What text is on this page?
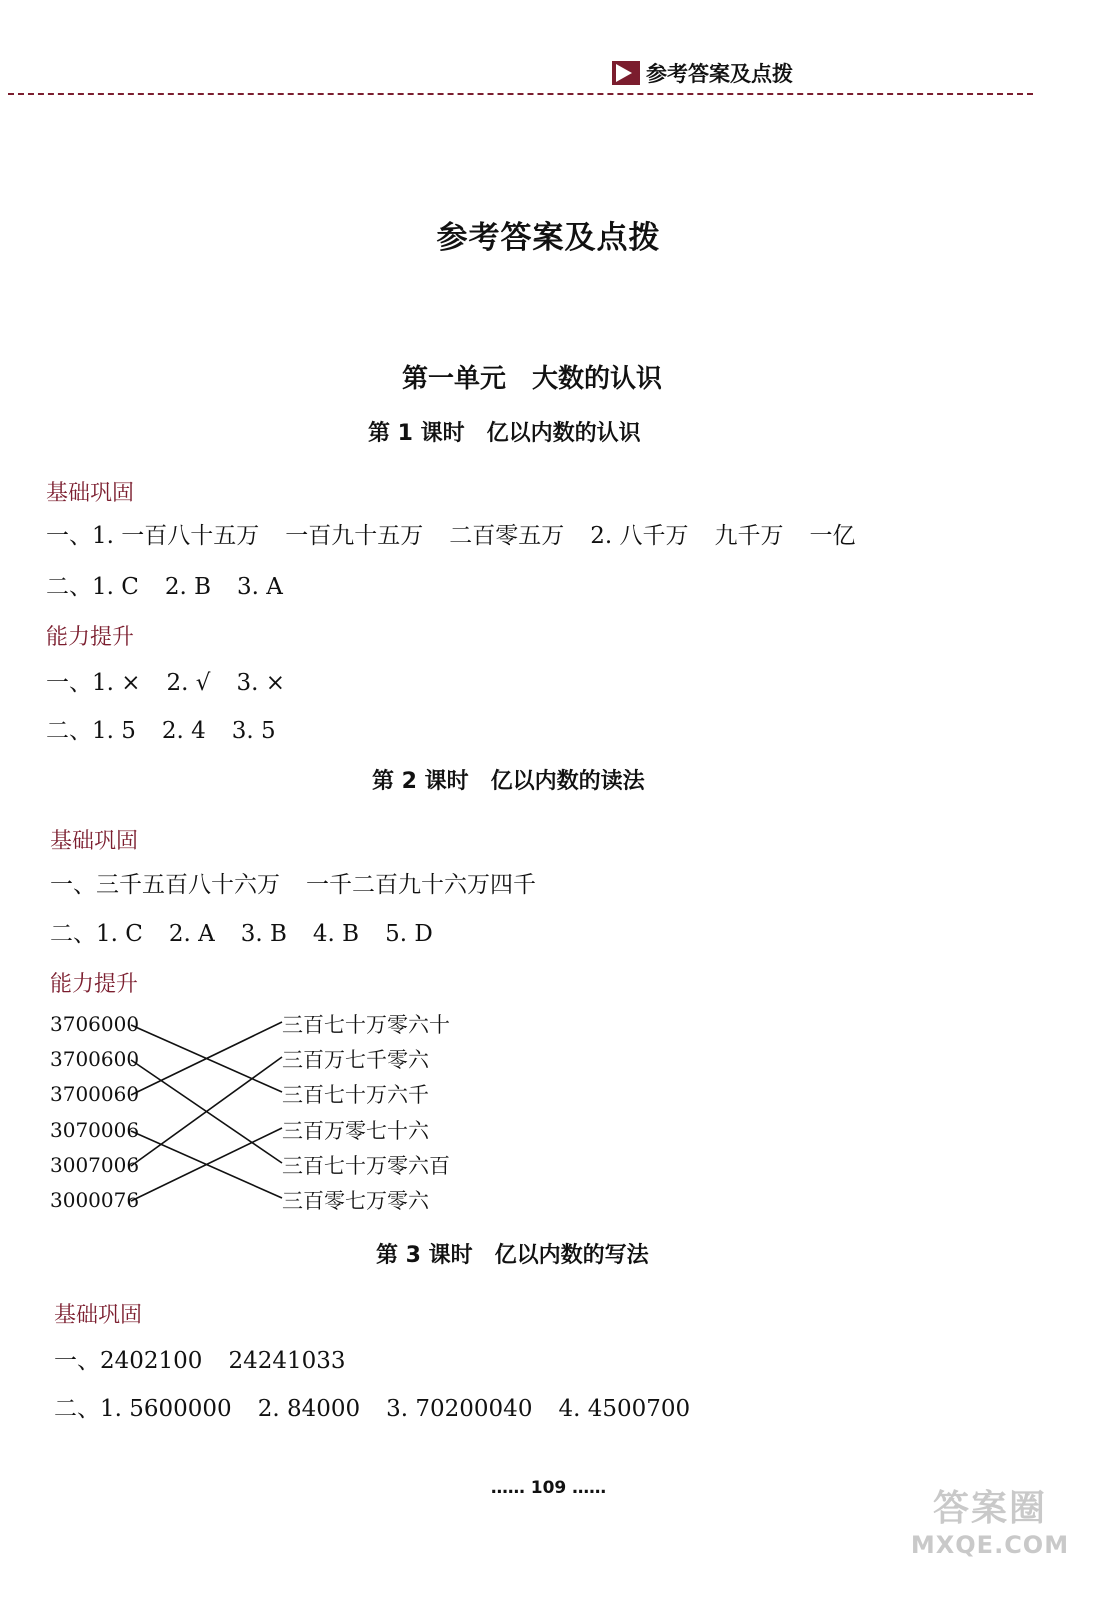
参考答案及点拨
参考答案及点拨
第一单元　大数的认识
第 1 课时　亿以内数的认识
基础巩固
一、1. 一百八十五万 一百九十五万 二百零五万 2. 八千万 九千万 一亿
二、1. C 2. B 3. A
能力提升
一、1. × 2. √ 3. ×
二、1. 5 2. 4 3. 5
第 2 课时　亿以内数的读法
基础巩固
一、三千五百八十六万 一千二百九十六万四千
二、1. C 2. A 3. B 4. B 5. D
能力提升
3706000
3700600
3700060
3070006
3007006
3000076
三百七十万零六十
三百万七千零六
三百七十万六千
三百万零七十六
三百七十万零六百
三百零七万零六
第 3 课时　亿以内数的写法
基础巩固
一、2402100 24241033
二、1. 5600000 2. 84000 3. 70200040 4. 4500700
…… 109 ……	答案圈
MXQE.COM
